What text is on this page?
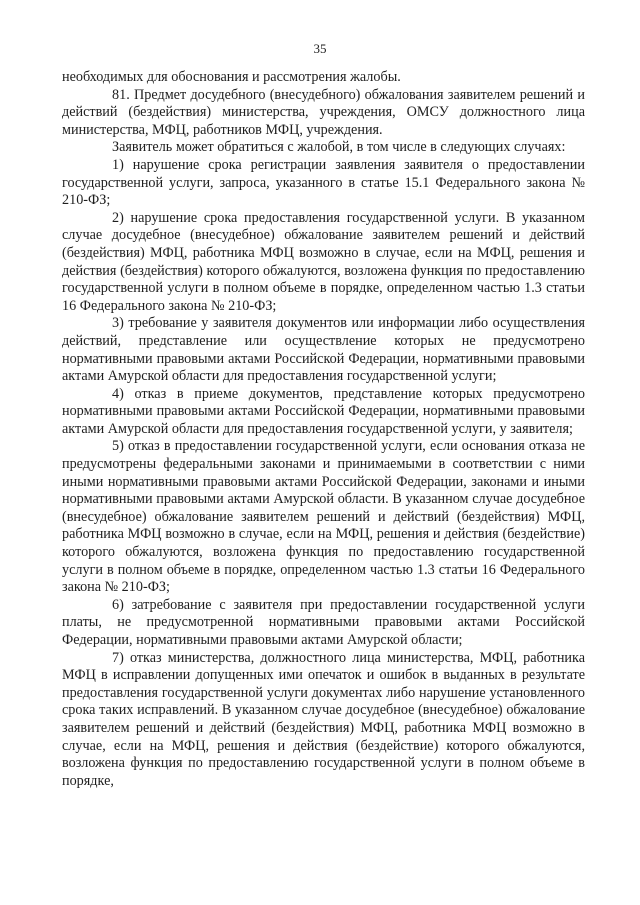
35

необходимых для обоснования и рассмотрения жалобы.

81. Предмет досудебного (внесудебного) обжалования заявителем решений и действий (бездействия) министерства, учреждения, ОМСУ должностного лица министерства, МФЦ, работников МФЦ, учреждения.

Заявитель может обратиться с жалобой, в том числе в следующих случаях:

1) нарушение срока регистрации заявления заявителя о предоставлении государственной услуги, запроса, указанного в статье 15.1 Федерального закона № 210-ФЗ;

2) нарушение срока предоставления государственной услуги. В указанном случае досудебное (внесудебное) обжалование заявителем решений и действий (бездействия) МФЦ, работника МФЦ возможно в случае, если на МФЦ, решения и действия (бездействия) которого обжалуются, возложена функция по предоставлению государственной услуги в полном объеме в порядке, определенном частью 1.3 статьи 16 Федерального закона № 210-ФЗ;

3) требование у заявителя документов или информации либо осуществления действий, представление или осуществление которых не предусмотрено нормативными правовыми актами Российской Федерации, нормативными правовыми актами Амурской области для предоставления государственной услуги;

4) отказ в приеме документов, представление которых предусмотрено нормативными правовыми актами Российской Федерации, нормативными правовыми актами Амурской области для предоставления государственной услуги, у заявителя;

5) отказ в предоставлении государственной услуги, если основания отказа не предусмотрены федеральными законами и принимаемыми в соответствии с ними иными нормативными правовыми актами Российской Федерации, законами и иными нормативными правовыми актами Амурской области. В указанном случае досудебное (внесудебное) обжалование заявителем решений и действий (бездействия) МФЦ, работника МФЦ возможно в случае, если на МФЦ, решения и действия (бездействие) которого обжалуются, возложена функция по предоставлению государственной услуги в полном объеме в порядке, определенном частью 1.3 статьи 16 Федерального закона № 210-ФЗ;

6) затребование с заявителя при предоставлении государственной услуги платы, не предусмотренной нормативными правовыми актами Российской Федерации, нормативными правовыми актами Амурской области;

7) отказ министерства, должностного лица министерства, МФЦ, работника МФЦ в исправлении допущенных ими опечаток и ошибок в выданных в результате предоставления государственной услуги документах либо нарушение установленного срока таких исправлений. В указанном случае досудебное (внесудебное) обжалование заявителем решений и действий (бездействия) МФЦ, работника МФЦ возможно в случае, если на МФЦ, решения и действия (бездействие) которого обжалуются, возложена функция по предоставлению государственной услуги в полном объеме в порядке,
